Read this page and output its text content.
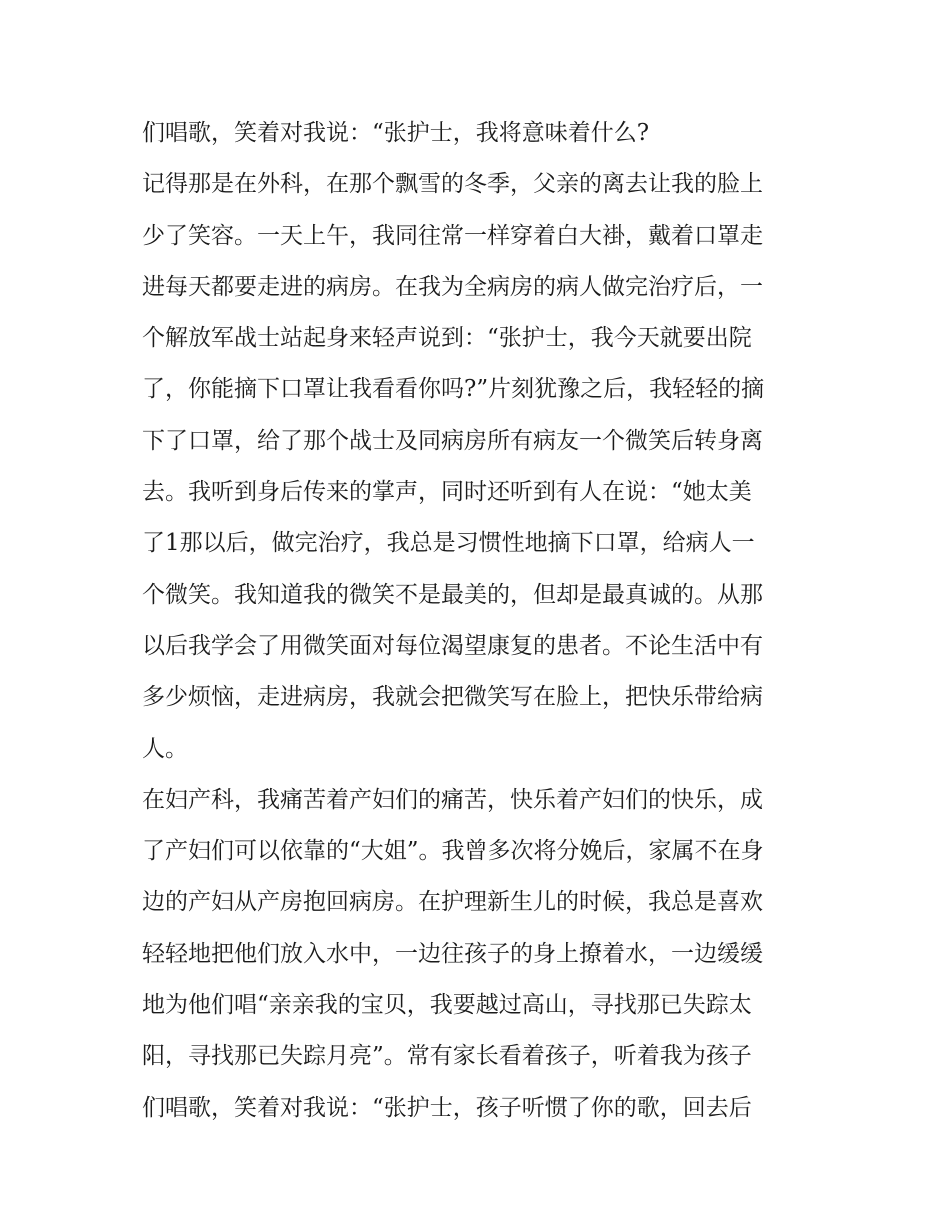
们唱歌，笑着对我说：“张护士，我将意味着什么?
记得那是在外科，在那个飘雪的冬季，父亲的离去让我的脸上
少了笑容。一天上午，我同往常一样穿着白大褂，戴着口罩走
进每天都要走进的病房。在我为全病房的病人做完治疗后，一
个解放军战士站起身来轻声说到：“张护士，我今天就要出院
了，你能摘下口罩让我看看你吗?”片刻犹豫之后，我轻轻的摘
下了口罩，给了那个战士及同病房所有病友一个微笑后转身离
去。我听到身后传来的掌声，同时还听到有人在说：“她太美
了1那以后，做完治疗，我总是习惯性地摘下口罩，给病人一
个微笑。我知道我的微笑不是最美的，但却是最真诚的。从那
以后我学会了用微笑面对每位渴望康复的患者。不论生活中有
多少烦恼，走进病房，我就会把微笑写在脸上，把快乐带给病
人。
在妇产科，我痛苦着产妇们的痛苦，快乐着产妇们的快乐，成
了产妇们可以依靠的“大姐”。我曾多次将分娩后，家属不在身
边的产妇从产房抱回病房。在护理新生儿的时候，我总是喜欢
轻轻地把他们放入水中，一边往孩子的身上撩着水，一边缓缓
地为他们唱“亲亲我的宝贝，我要越过高山，寻找那已失踪太
阳，寻找那已失踪月亮”。常有家长看着孩子，听着我为孩子
们唱歌，笑着对我说：“张护士，孩子听惯了你的歌，回去后
